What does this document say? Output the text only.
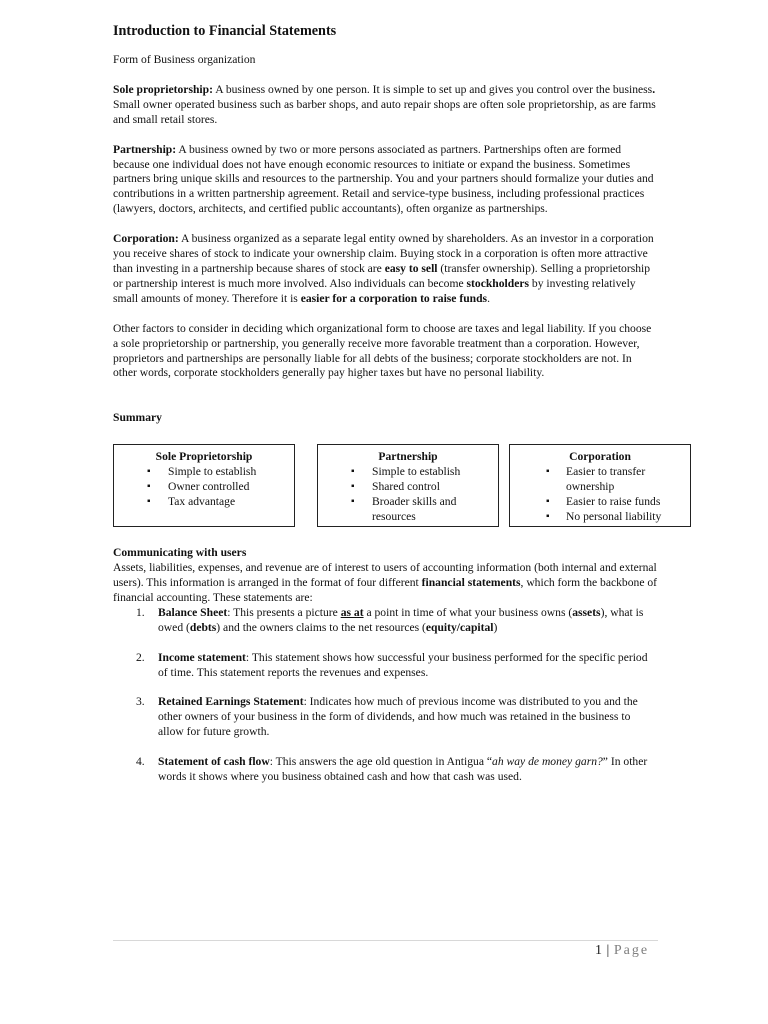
Introduction to Financial Statements

Form of Business organization

Sole proprietorship: A business owned by one person. It is simple to set up and gives you control over the business. Small owner operated business such as barber shops, and auto repair shops are often sole proprietorship, as are farms and small retail stores.

Partnership: A business owned by two or more persons associated as partners. Partnerships often are formed because one individual does not have enough economic resources to initiate or expand the business. Sometimes partners bring unique skills and resources to the partnership. You and your partners should formalize your duties and contributions in a written partnership agreement. Retail and service-type business, including professional practices (lawyers, doctors, architects, and certified public accountants), often organize as partnerships.

Corporation: A business organized as a separate legal entity owned by shareholders. As an investor in a corporation you receive shares of stock to indicate your ownership claim. Buying stock in a corporation is often more attractive than investing in a partnership because shares of stock are easy to sell (transfer ownership). Selling a proprietorship or partnership interest is much more involved. Also individuals can become stockholders by investing relatively small amounts of money. Therefore it is easier for a corporation to raise funds.

Other factors to consider in deciding which organizational form to choose are taxes and legal liability. If you choose a sole proprietorship or partnership, you generally receive more favorable treatment than a corporation. However, proprietors and partnerships are personally liable for all debts of the business; corporate stockholders are not. In other words, corporate stockholders generally pay higher taxes but have no personal liability.

Summary

Sole Proprietorship
▪ Simple to establish
▪ Owner controlled
▪ Tax advantage
Partnership
▪ Simple to establish
▪ Shared control
▪ Broader skills and resources
Corporation
▪ Easier to transfer ownership
▪ Easier to raise funds
▪ No personal liability

Communicating with users

Assets, liabilities, expenses, and revenue are of interest to users of accounting information (both internal and external users). This information is arranged in the format of four different financial statements, which form the backbone of financial accounting. These statements are:

1. Balance Sheet: This presents a picture as at a point in time of what your business owns (assets), what is owed (debts) and the owners claims to the net resources (equity/capital)
2. Income statement: This statement shows how successful your business performed for the specific period of time. This statement reports the revenues and expenses.
3. Retained Earnings Statement: Indicates how much of previous income was distributed to you and the other owners of your business in the form of dividends, and how much was retained in the business to allow for future growth.
4. Statement of cash flow: This answers the age old question in Antigua “ah way de money garn?” In other words it shows where you business obtained cash and how that cash was used.
1 | Page
